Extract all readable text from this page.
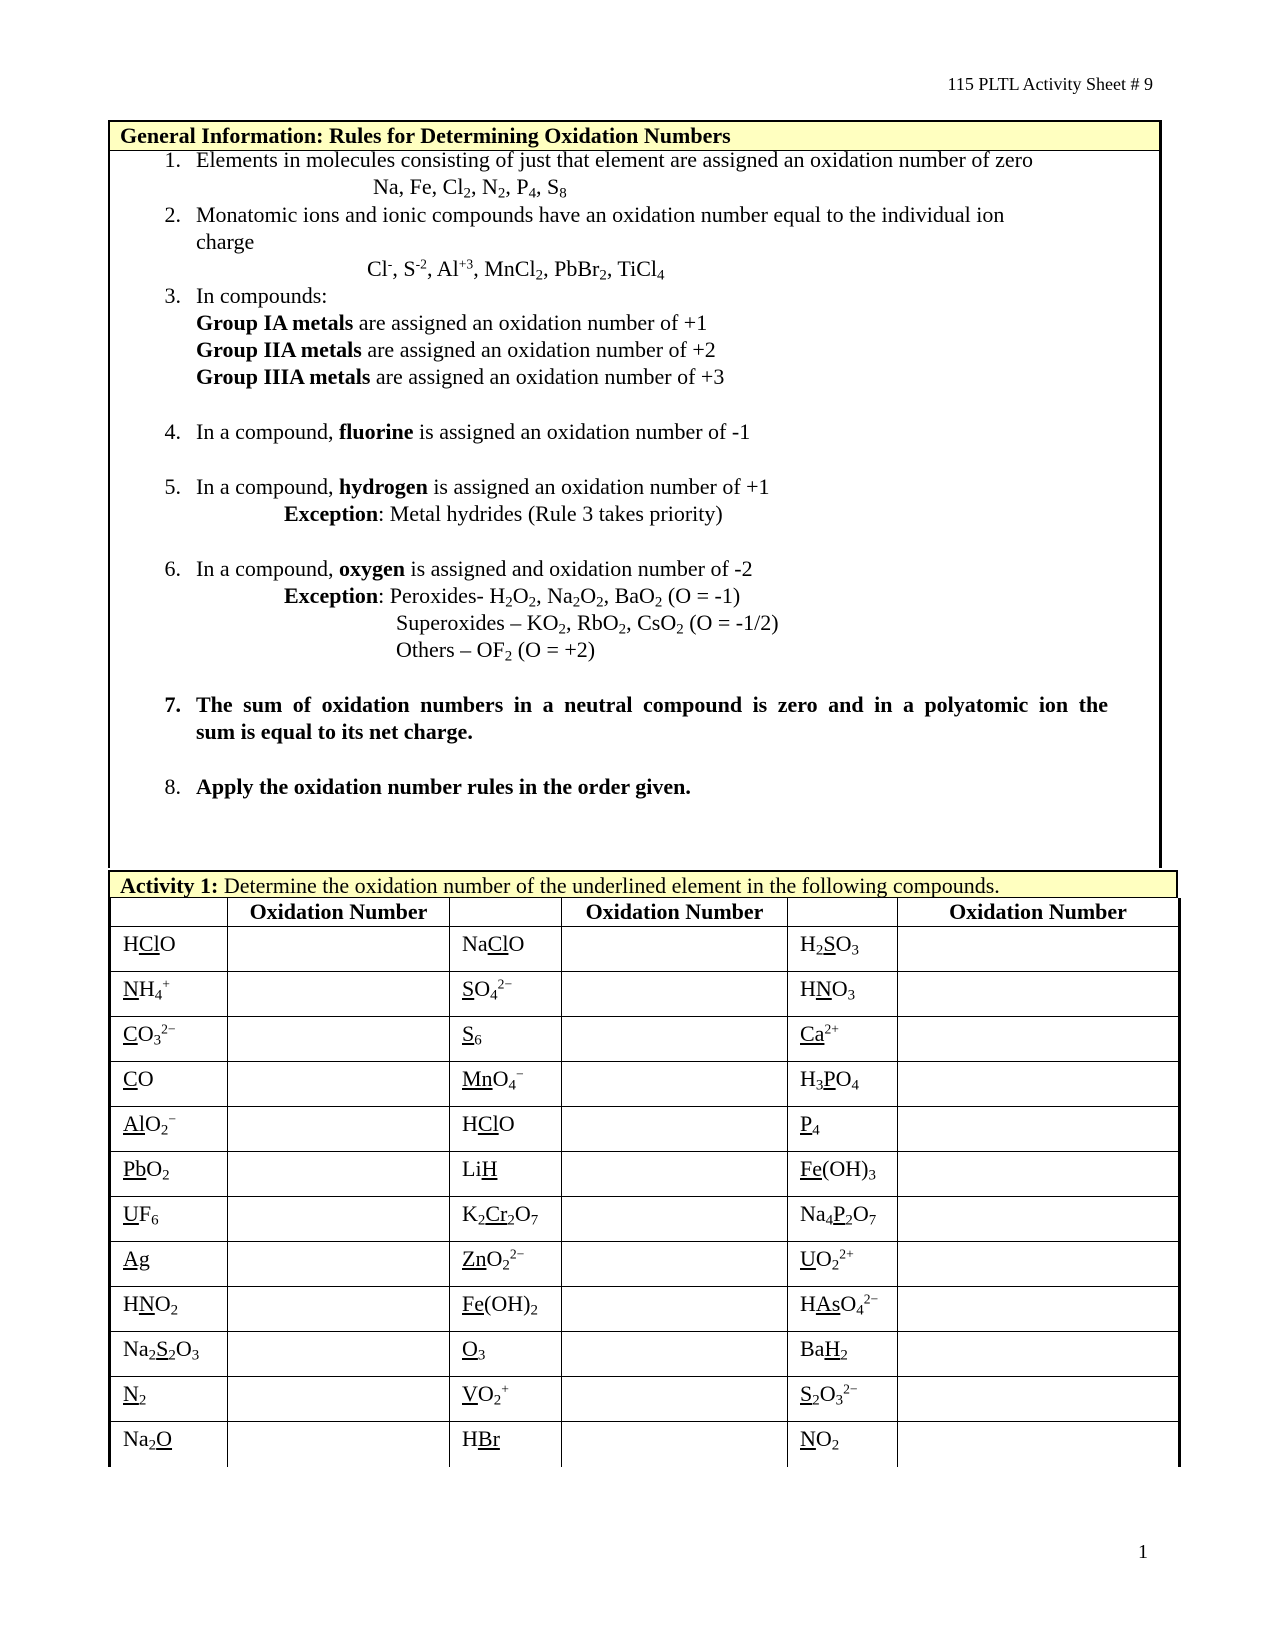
115 PLTL Activity Sheet # 9
General Information: Rules for Determining Oxidation Numbers
1. Elements in molecules consisting of just that element are assigned an oxidation number of zero
Na, Fe, $Cl_2$, $N_2$, $P_4$, $S_8$
2. Monatomic ions and ionic compounds have an oxidation number equal to the individual ion
charge
Cl-, $S^{-2}$, $Al^{+3}$, MnCl$_2$, PbBr$_2$, TiCl$_4$
3. In compounds:
Group IA metals are assigned an oxidation number of +1
Group IIA metals are assigned an oxidation number of +2
Group IIIA metals are assigned an oxidation number of +3
4. In a compound, fluorine is assigned an oxidation number of -1
5. In a compound, hydrogen is assigned an oxidation number of +1
Exception: Metal hydrides (Rule 3 takes priority)
6. In a compound, oxygen is assigned and oxidation number of -2
Exception: Peroxides- $H_2O_2$, $Na_2O_2$, BaO$_2$ (O = -1)
Superoxides – $KO_2$, RbO$_2$, CsO$_2$ (O = -1/2)
Others – $OF_2$ (O = +2)
7. The sum of oxidation numbers in a neutral compound is zero and in a polyatomic ion the
sum is equal to its net charge.
8. Apply the oxidation number rules in the order given.
Activity 1: Determine the oxidation number of the underlined element in the following compounds.
	Oxidation Number		Oxidation Number		Oxidation Number
HClO		NaClO		$H_2SO_3$	
$NH_4^+$		$SO_4^{2-}$		$HNO_3$	
$CO_3^{2-}$		$S_6$		$Ca^{2+}$	
CO		MnO$_4$−		$H_3PO_4$	
AlO$_2$−		HClO		$P_4$	
PbO$_2$		LiH		$Fe(OH)_3$	
$UF_6$		$K_2Cr_2O_7$		$Na_4P_2O_7$	
Ag		ZnO$_2^{2-}$		$UO_2^{2+}$	
$HNO_2$		$Fe(OH)_2$		HAsO$_4^{2-}$	
$Na_2S_2O_3$		$O_3$		BaH$_2$	
$N_2$		$VO_2^+$		$S_2O_3^{2-}$	
$Na_2O$		HBr		$NO_2$	
1
